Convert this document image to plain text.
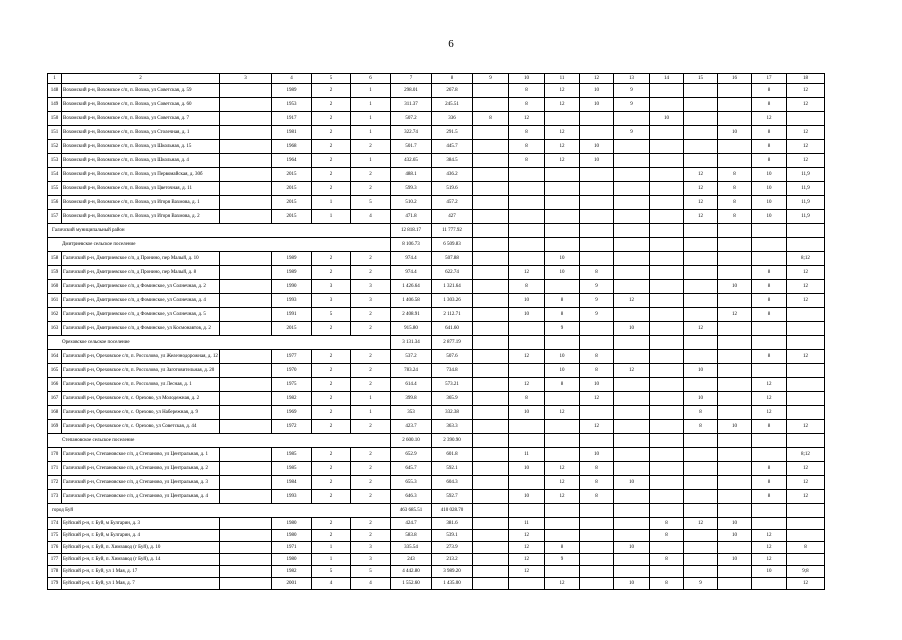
6
1	2	3	4	5	6	7	8	9	10	11	12	13	14	15	16	17	18
148	Вохомский р-н, Вохомское с/п, п. Вохма, ул Советская, д. 59		1989	2	1	298.01	267.8		8	12	10	9				8	12
149	Вохомский р-н, Вохомское с/п, п. Вохма, ул Советская, д. 60		1953	2	1	311.37	245.51		8	12	10	9				8	12
150	Вохомский р-н, Вохомское с/п, п. Вохма, ул Советская, д. 7		1917	2	1	507.2	336	8	12				10			12	
151	Вохомский р-н, Вохомское с/п, п. Вохма, ул Столечная, д. 1		1981	2	1	322.74	291.5		8	12		9			10	8	12
152	Вохомский р-н, Вохомское с/п, п. Вохма, ул Школьная, д. 15		1968	2	2	501.7	445.7		8	12	10					8	12
153	Вохомский р-н, Вохомское с/п, п. Вохма, ул Школьная, д. 4		1964	2	1	432.65	384.5		8	12	10					8	12
154	Вохомский р-н, Вохомское с/п, п. Вохма, ул Первомайская, д. 30б		2015	2	2	488.1	436.2							12	8	10	11,9
155	Вохомский р-н, Вохомское с/п, п. Вохма, ул Цветочная, д. 11		2015	2	2	599.3	519.6							12	8	10	11,9
156	Вохомский р-н, Вохомское с/п, п. Вохма, ул Игоря Вахмова, д. 1		2015	1	5	510.2	457.2							12	8	10	11,9
157	Вохомский р-н, Вохомское с/п, п. Вохма, ул Игоря Вахмова, д. 2		2015	1	4	471.8	427							12	8	10	11,9
Галичский муниципальный район						12 818.17	11 777.92										
Дмитриевское сельское поселение						8 106.73	6 509.83										
158	Галичский р-н, Дмитриевское с/п, д Пронино, пер Малый, д. 10		1989	2	2	974.4	507.88			10							8;12
159	Галичский р-н, Дмитриевское с/п, д Пронино, пер Малый, д. 8		1989	2	2	974.4	622.74		12	10	8					8	12
160	Галичский р-н, Дмитриевское с/п, д Фоминское, ул Солнечная, д. 2		1990	3	3	1 426.64	1 321.64		8		9				10	8	12
161	Галичский р-н, Дмитриевское с/п, д Фоминское, ул Солнечная, д. 4		1993	3	3	1 406.58	1 303.26		10	8	9	12				8	12
162	Галичский р-н, Дмитриевское с/п, д Фоминское, ул Солнечная, д. 5		1991	5	2	2 408.91	2 112.71		10	8	9				12	8	
163	Галичский р-н, Дмитриевское с/п, д Фоминское, ул Космонавтов, д. 2		2015	2	2	915.80	641.60			9		10		12			
Ореховское сельское поселение						3 131.34	2 877.19										
164	Галичский р-н, Ореховское с/п, п. Россолово, ул Железнодорожная, д. 12		1977	2	2	537.2	507.6		12	10	8					8	12
165	Галичский р-н, Ореховское с/п, п. Россолово, ул Заготовительная, д. 20		1970	2	2	783.24	734.8			10	8	12		10			
166	Галичский р-н, Ореховское с/п, п. Россолово, ул Лесная, д. 1		1975	2	2	614.4	573.21		12	8	10					12	
167	Галичский р-н, Ореховское с/п, с. Орехово, ул Молодежная, д. 2		1982	2	1	399.8	365.9		8		12			10		12	
168	Галичский р-н, Ореховское с/п, с. Орехово, ул Набережная, д. 9		1969	2	1	353	332.38		10	12				8		12	
169	Галичский р-н, Ореховское с/п, с. Орехово, ул Советская, д. 44		1972	2	2	423.7	363.3				12			8	10	8	12
Степановское сельское поселение						2 600.10	2 390.90										
170	Галичский р-н, Степановское с/п, д Степаново, ул Центральная, д. 1		1985	2	2	652.9	601.8		11		10						8;12
171	Галичский р-н, Степановское с/п, д Степаново, ул Центральная, д. 2		1985	2	2	645.7	592.1		10	12	8					8	12
172	Галичский р-н, Степановское с/п, д Степаново, ул Центральная, д. 3		1984	2	2	655.3	604.3			12	8	10				8	12
173	Галичский р-н, Степановское с/п, д Степаново, ул Центральная, д. 4		1993	2	2	646.3	592.7		10	12	8					8	12
город Буй						463 685.51	410 028.70										
174	Буйский р-н, г. Буй, м Булгарин, д. 3		1980	2	2	424.7	381.6		11				8	12	10		
175	Буйский р-н, г. Буй, м Булгарин, д. 4		1980	2	2	583.8	539.1		12				8		10	12	
176	Буйский р-н, г. Буй, п. Химзавод (г Буй), д. 10		1971	1	3	335.54	273.9		12	8		10				12	8
177	Буйский р-н, г. Буй, п. Химзавод (г Буй), д. 14		1980	1	3	243	213.2		12	9			8		10	12	
178	Буйский р-н, г. Буй, ул 1 Мая, д. 17		1982	5	5	4 442.80	3 989.20		12							10	9;8
179	Буйский р-н, г. Буй, ул 1 Мая, д. 7		2001	4	4	1 552.60	1 435.00			12		10	8	9			12
